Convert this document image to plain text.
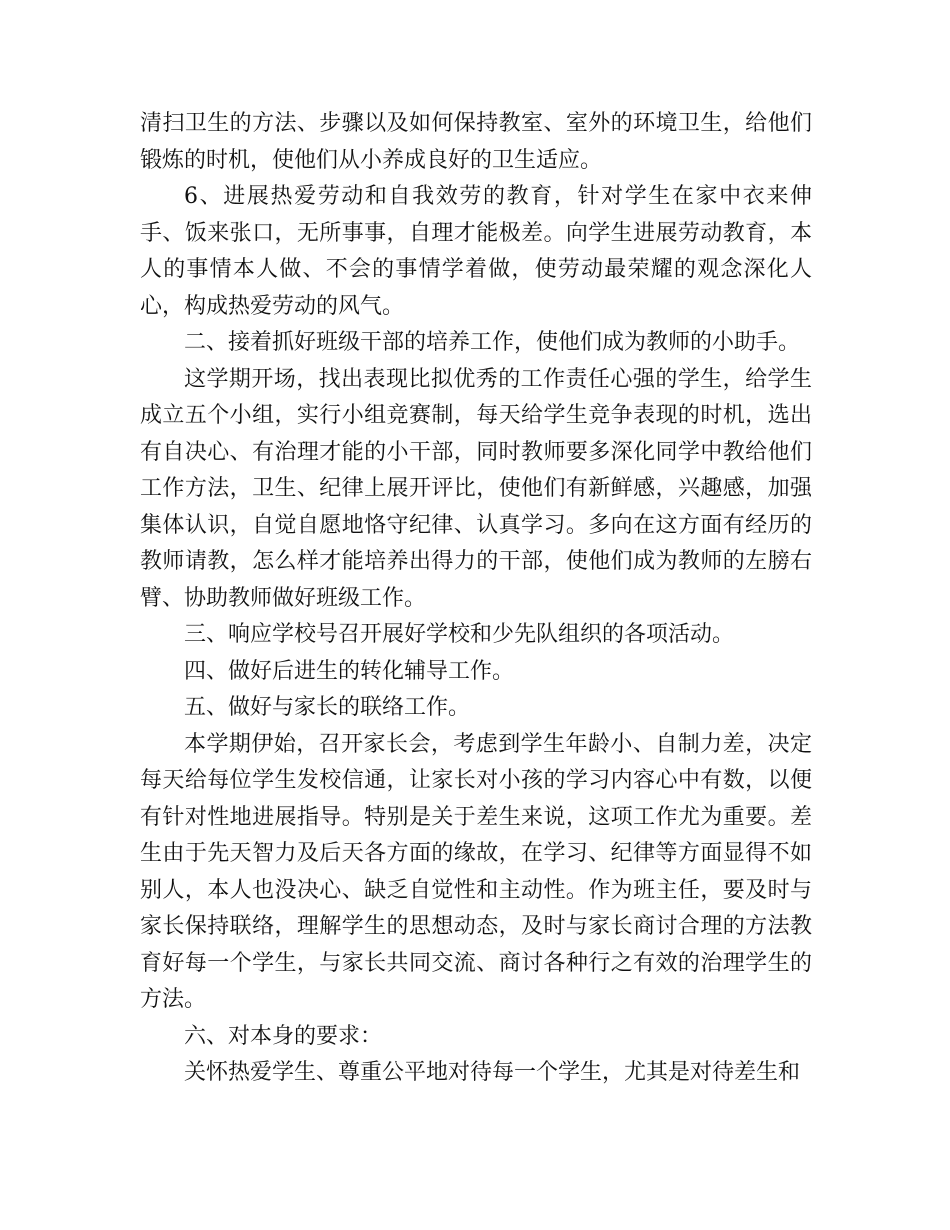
清扫卫生的方法、步骤以及如何保持教室、室外的环境卫生，给他们锻炼的时机，使他们从小养成良好的卫生适应。

6、进展热爱劳动和自我效劳的教育，针对学生在家中衣来伸手、饭来张口，无所事事，自理才能极差。向学生进展劳动教育，本人的事情本人做、不会的事情学着做，使劳动最荣耀的观念深化人心，构成热爱劳动的风气。

二、接着抓好班级干部的培养工作，使他们成为教师的小助手。

这学期开场，找出表现比拟优秀的工作责任心强的学生，给学生成立五个小组，实行小组竞赛制，每天给学生竞争表现的时机，选出有自决心、有治理才能的小干部，同时教师要多深化同学中教给他们工作方法，卫生、纪律上展开评比，使他们有新鲜感，兴趣感，加强集体认识，自觉自愿地恪守纪律、认真学习。多向在这方面有经历的教师请教，怎么样才能培养出得力的干部，使他们成为教师的左膀右臂、协助教师做好班级工作。

三、响应学校号召开展好学校和少先队组织的各项活动。

四、做好后进生的转化辅导工作。

五、做好与家长的联络工作。

本学期伊始，召开家长会，考虑到学生年龄小、自制力差，决定每天给每位学生发校信通，让家长对小孩的学习内容心中有数，以便有针对性地进展指导。特别是关于差生来说，这项工作尤为重要。差生由于先天智力及后天各方面的缘故，在学习、纪律等方面显得不如别人，本人也没决心、缺乏自觉性和主动性。作为班主任，要及时与家长保持联络，理解学生的思想动态，及时与家长商讨合理的方法教育好每一个学生，与家长共同交流、商讨各种行之有效的治理学生的方法。

六、对本身的要求：

关怀热爱学生、尊重公平地对待每一个学生，尤其是对待差生和
